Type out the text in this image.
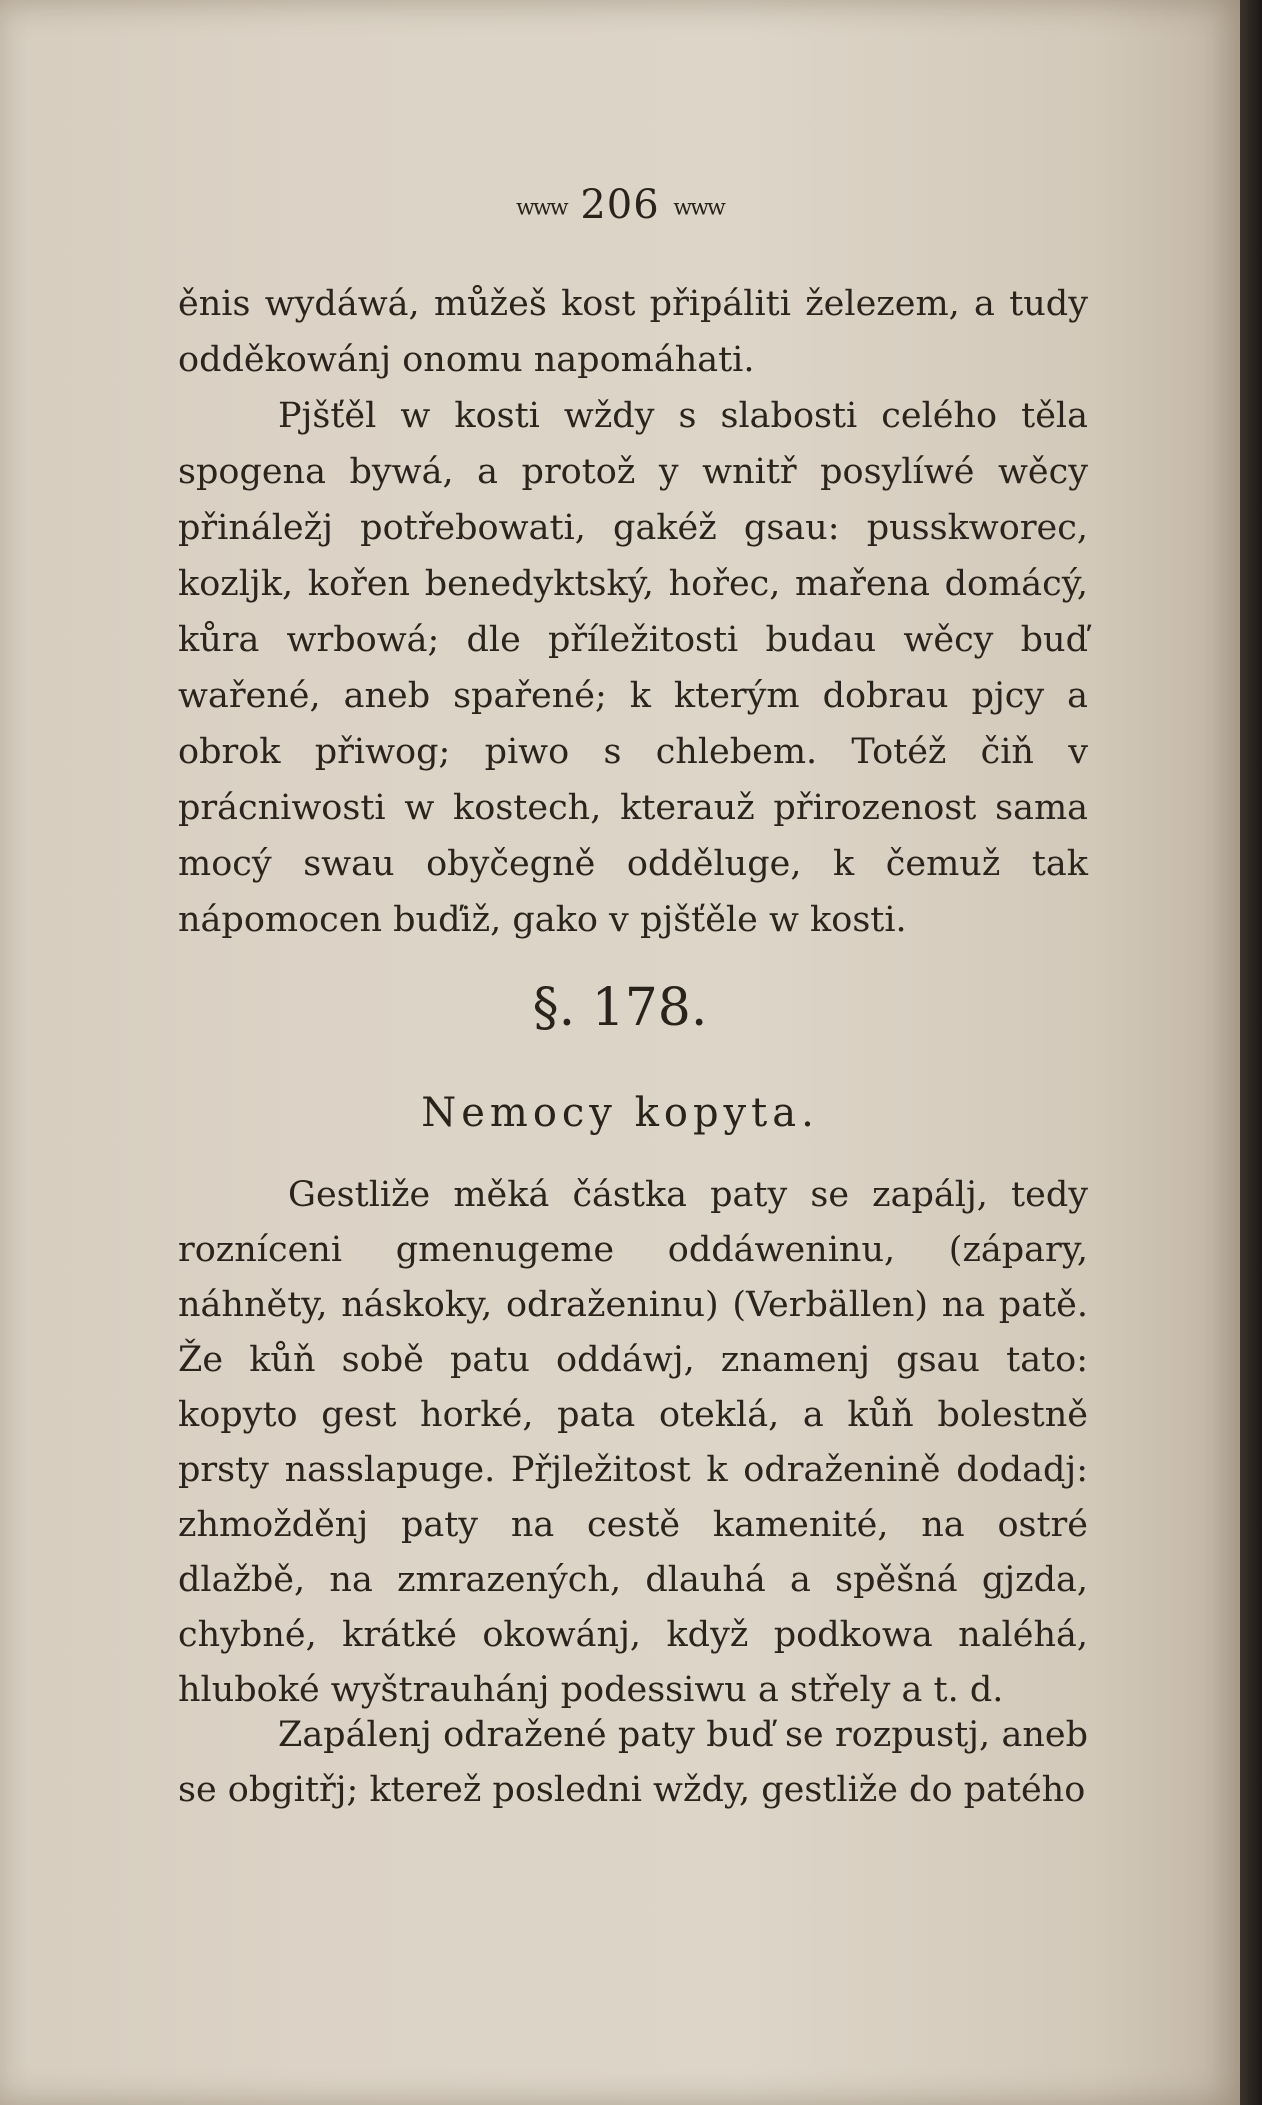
www 206 www

ěnis wydáwá, můžeš kost připáliti železem, a tudy odděkowánj onomu napomáhati.

Pjšťěl w kosti wždy s slabosti celého těla spogena bywá, a protož y wnitř posylíwé wěcy přináležj potřebowati, gakéž gsau: pusskworec, kozljk, kořen benedyktský, hořec, mařena domácý, kůra wrbowá; dle příležitosti budau wěcy buď wařené, aneb spařené; k kterým dobrau pjcy a obrok přiwog; piwo s chlebem. Totéž čiň v prácniwosti w kostech, kterauž přirozenost sama mocý swau obyčegně odděluge, k čemuž tak nápomocen buďiž, gako v pjšťěle w kosti.

§. 178.
Nemocy kopyta.

Gestliže měká částka paty se zapálj, tedy rozníceni gmenugeme oddáweninu, (zápary, náhněty, náskoky, odraženinu) (Verbällen) na patě. Že kůň sobě patu oddáwj, znamenj gsau tato: kopyto gest horké, pata oteklá, a kůň bolestně prsty nasslapuge. Přjležitost k odraženině dodadj: zhmožděnj paty na cestě kamenité, na ostré dlažbě, na zmrazených, dlauhá a spěšná gjzda, chybné, krátké okowánj, když podkowa naléhá, hluboké wyštrauhánj podessiwu a střely a t. d.

Zapálenj odražené paty buď se rozpustj, aneb se obgitřj; kterež posledni wždy, gestliže do patého
